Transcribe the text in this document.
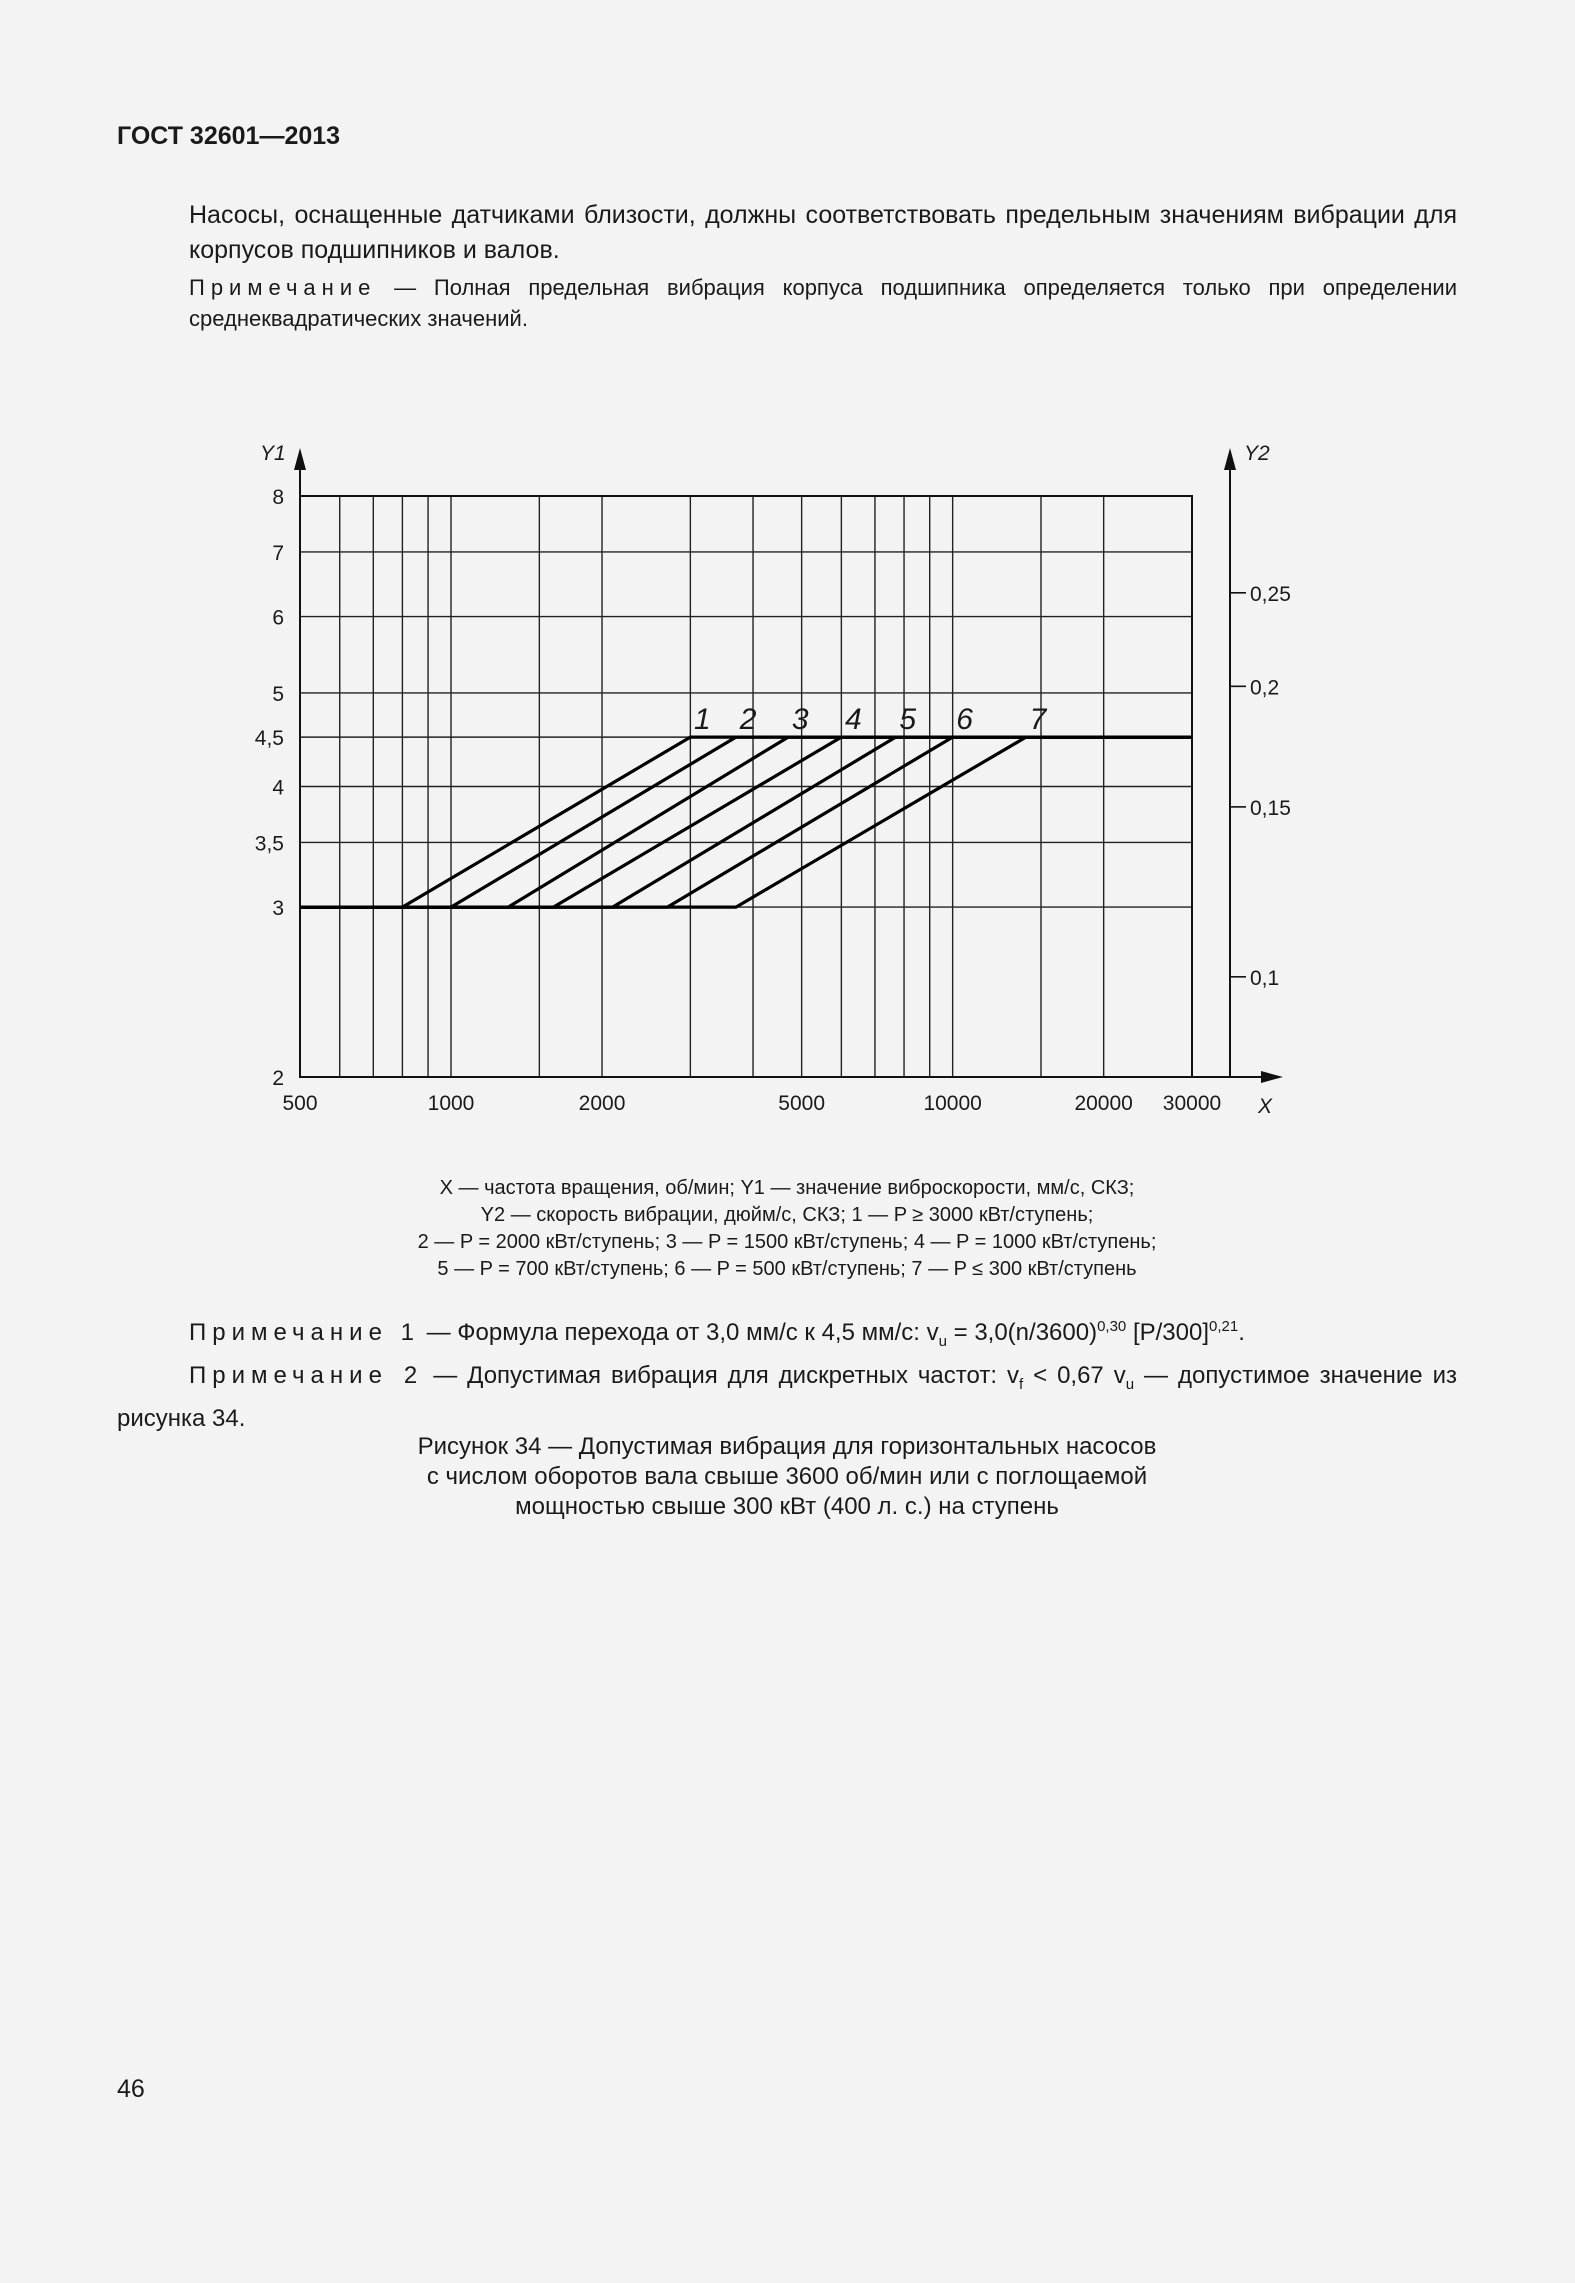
ГОСТ 32601—2013
Насосы, оснащенные датчиками близости, должны соответствовать предельным значениям вибрации для корпусов подшипников и валов.
Примечание — Полная предельная вибрация корпуса подшипника определяется только при определении среднеквадратических значений.
Y1
X
Y2
0,1
0,15
0,2
0,25
2
3
3,5
4
4,5
5
6
7
8
500	1000	2000	5000	10000	20000 30000
1 2 3 4 5 6 7
X — частота вращения, об/мин; Y1 — значение виброскорости, мм/с, СКЗ;
Y2 — скорость вибрации, дюйм/с, СКЗ; 1 — P ≥ 3000 кВт/ступень;
2 — P = 2000 кВт/ступень; 3 — P = 1500 кВт/ступень; 4 — P = 1000 кВт/ступень;
5 — P = 700 кВт/ступень; 6 — P = 500 кВт/ступень; 7 — P ≤ 300 кВт/ступень
Примечание 1 — Формула перехода от 3,0 мм/с к 4,5 мм/с: $v_u = 3,0(n/3600)^{0,30}$ $[P/300]^{0,21}$.
Примечание 2 — Допустимая вибрация для дискретных частот: $v_f < 0,67$ $v_u$ — допустимое значение из рисунка 34.
Рисунок 34 — Допустимая вибрация для горизонтальных насосов
с числом оборотов вала свыше 3600 об/мин или с поглощаемой
мощностью свыше 300 кВт (400 л. с.) на ступень
46
